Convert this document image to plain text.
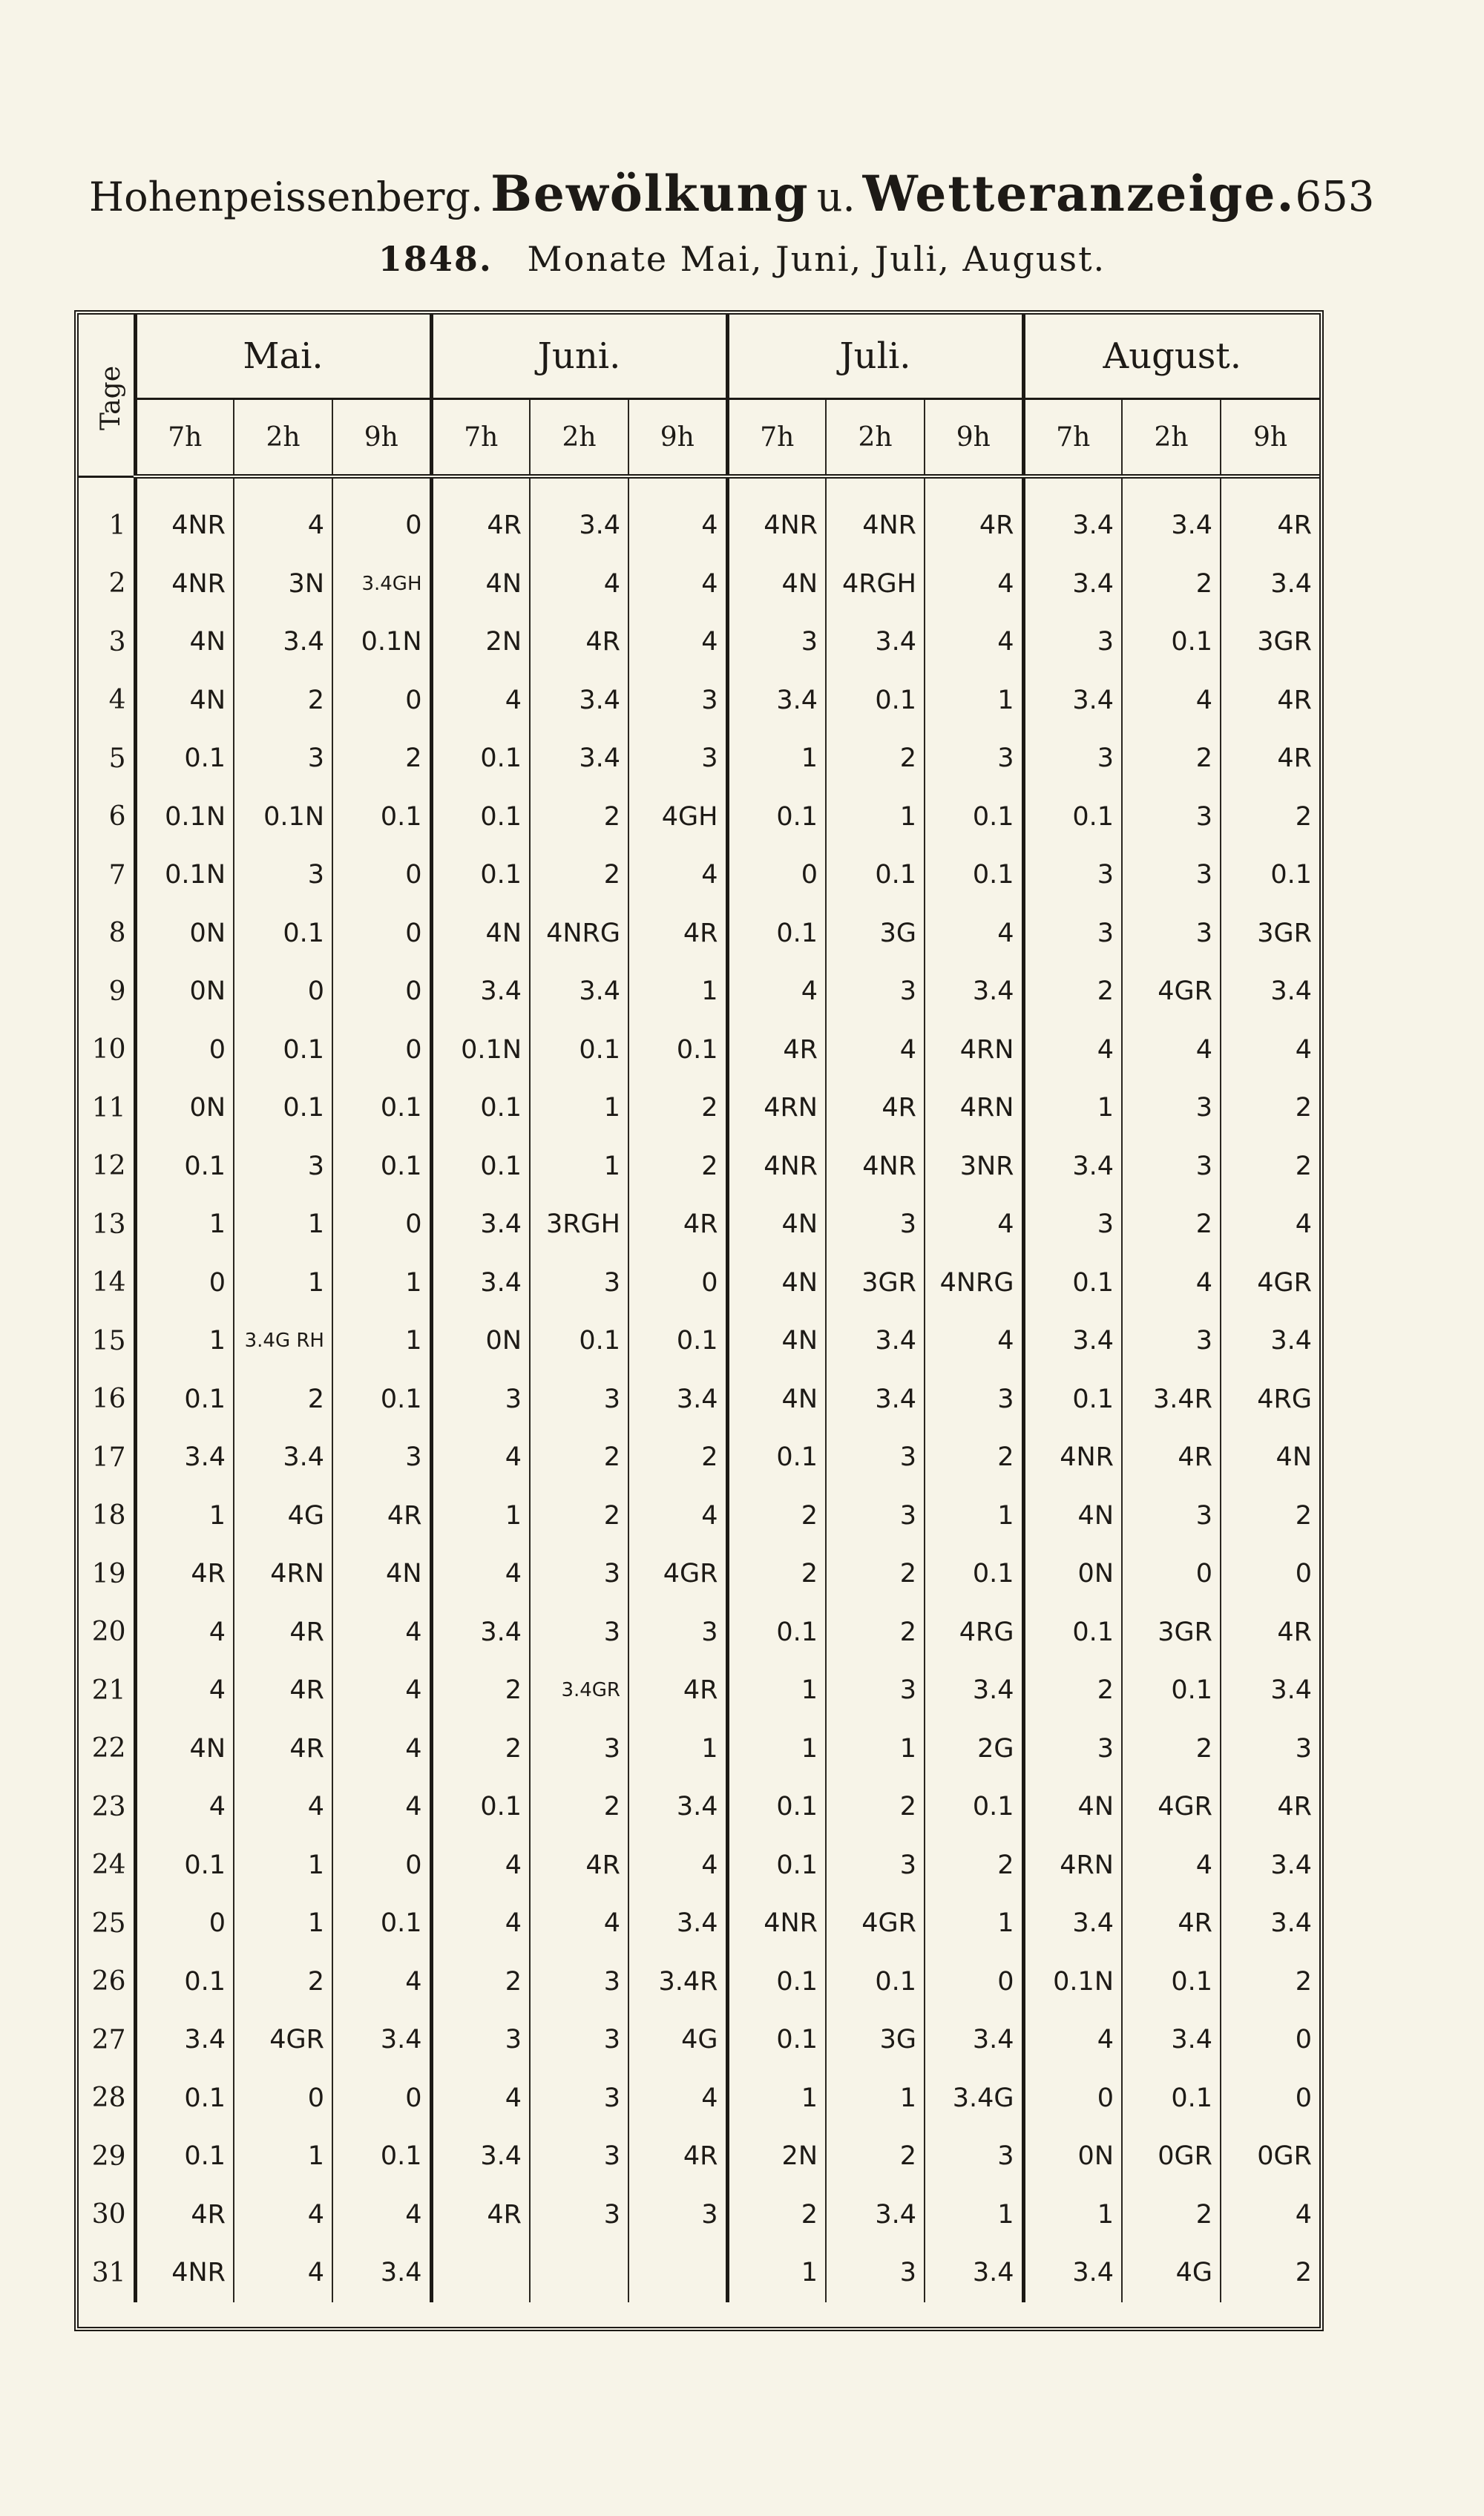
Hohenpeissenberg. Bewölkung u. Wetteranzeige. 653
1848. Monate Mai, Juni, Juli, August.
Tage	Mai.			Juni.			Juli.			August.		
	7h	2h	9h	7h	2h	9h	7h	2h	9h	7h	2h	9h

1	4NR	4	0	4R	3.4	4	4NR	4NR	4R	3.4	3.4	4R
2	4NR	3N	3.4GH	4N	4	4	4N	4RGH	4	3.4	2	3.4
3	4N	3.4	0.1N	2N	4R	4	3	3.4	4	3	0.1	3GR
4	4N	2	0	4	3.4	3	3.4	0.1	1	3.4	4	4R
5	0.1	3	2	0.1	3.4	3	1	2	3	3	2	4R
6	0.1N	0.1N	0.1	0.1	2	4GH	0.1	1	0.1	0.1	3	2
7	0.1N	3	0	0.1	2	4	0	0.1	0.1	3	3	0.1
8	0N	0.1	0	4N	4NRG	4R	0.1	3G	4	3	3	3GR
9	0N	0	0	3.4	3.4	1	4	3	3.4	2	4GR	3.4
10	0	0.1	0	0.1N	0.1	0.1	4R	4	4RN	4	4	4
11	0N	0.1	0.1	0.1	1	2	4RN	4R	4RN	1	3	2
12	0.1	3	0.1	0.1	1	2	4NR	4NR	3NR	3.4	3	2
13	1	1	0	3.4	3RGH	4R	4N	3	4	3	2	4
14	0	1	1	3.4	3	0	4N	3GR	4NRG	0.1	4	4GR
15	1	3.4G RH	1	0N	0.1	0.1	4N	3.4	4	3.4	3	3.4
16	0.1	2	0.1	3	3	3.4	4N	3.4	3	0.1	3.4R	4RG
17	3.4	3.4	3	4	2	2	0.1	3	2	4NR	4R	4N
18	1	4G	4R	1	2	4	2	3	1	4N	3	2
19	4R	4RN	4N	4	3	4GR	2	2	0.1	0N	0	0
20	4	4R	4	3.4	3	3	0.1	2	4RG	0.1	3GR	4R
21	4	4R	4	2	3.4GR	4R	1	3	3.4	2	0.1	3.4
22	4N	4R	4	2	3	1	1	1	2G	3	2	3
23	4	4	4	0.1	2	3.4	0.1	2	0.1	4N	4GR	4R
24	0.1	1	0	4	4R	4	0.1	3	2	4RN	4	3.4
25	0	1	0.1	4	4	3.4	4NR	4GR	1	3.4	4R	3.4
26	0.1	2	4	2	3	3.4R	0.1	0.1	0	0.1N	0.1	2
27	3.4	4GR	3.4	3	3	4G	0.1	3G	3.4	4	3.4	0
28	0.1	0	0	4	3	4	1	1	3.4G	0	0.1	0
29	0.1	1	0.1	3.4	3	4R	2N	2	3	0N	0GR	0GR
30	4R	4	4	4R	3	3	2	3.4	1	1	2	4
31	4NR	4	3.4				1	3	3.4	3.4	4G	2
